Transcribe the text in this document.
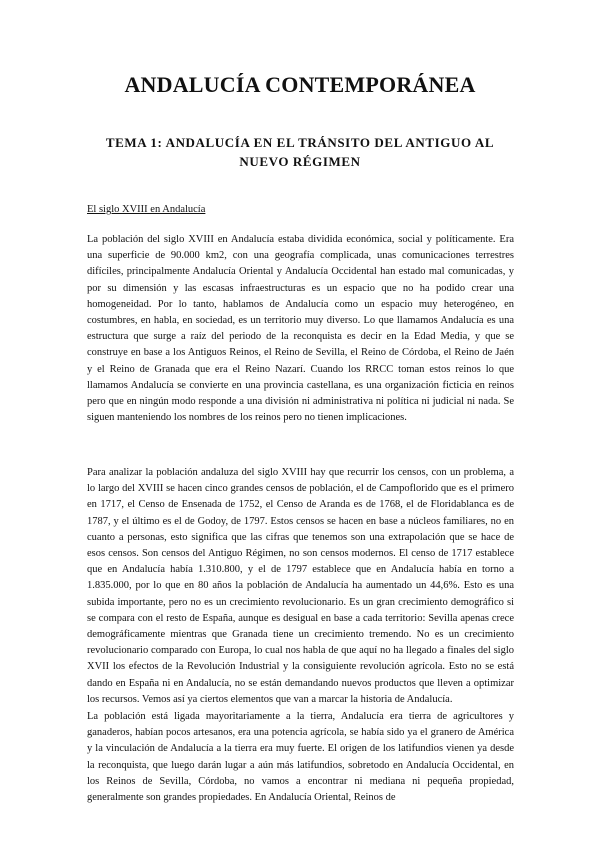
ANDALUCÍA CONTEMPORÁNEA
TEMA 1: ANDALUCÍA EN EL TRÁNSITO DEL ANTIGUO AL NUEVO RÉGIMEN

El siglo XVIII en Andalucía

La población del siglo XVIII en Andalucía estaba dividida económica, social y políticamente. Era una superficie de 90.000 km2, con una geografía complicada, unas comunicaciones terrestres difíciles, principalmente Andalucía Oriental y Andalucía Occidental han estado mal comunicadas, y por su dimensión y las escasas infraestructuras es un espacio que no ha podido crear una homogeneidad. Por lo tanto, hablamos de Andalucía como un espacio muy heterogéneo, en costumbres, en habla, en sociedad, es un territorio muy diverso. Lo que llamamos Andalucía es una estructura que surge a raíz del periodo de la reconquista es decir en la Edad Media, y que se construye en base a los Antiguos Reinos, el Reino de Sevilla, el Reino de Córdoba, el Reino de Jaén y el Reino de Granada que era el Reino Nazarí. Cuando los RRCC toman estos reinos lo que llamamos Andalucía se convierte en una provincia castellana, es una organización ficticia en reinos pero que en ningún modo responde a una división ni administrativa ni política ni judicial ni nada. Se siguen manteniendo los nombres de los reinos pero no tienen implicaciones.

Para analizar la población andaluza del siglo XVIII hay que recurrir los censos, con un problema, a lo largo del XVIII se hacen cinco grandes censos de población, el de Campoflorido que es el primero en 1717, el Censo de Ensenada de 1752, el Censo de Aranda es de 1768, el de Floridablanca es de 1787, y el último es el de Godoy, de 1797. Estos censos se hacen en base a núcleos familiares, no en cuanto a personas, esto significa que las cifras que tenemos son una extrapolación que se hace de esos censos. Son censos del Antiguo Régimen, no son censos modernos. El censo de 1717 establece que en Andalucía había 1.310.800, y el de 1797 establece que en Andalucía había en torno a 1.835.000, por lo que en 80 años la población de Andalucía ha aumentado un 44,6%. Esto es una subida importante, pero no es un crecimiento revolucionario. Es un gran crecimiento demográfico si se compara con el resto de España, aunque es desigual en base a cada territorio: Sevilla apenas crece demográficamente mientras que Granada tiene un crecimiento tremendo. No es un crecimiento revolucionario comparado con Europa, lo cual nos habla de que aquí no ha llegado a finales del siglo XVII los efectos de la Revolución Industrial y la consiguiente revolución agrícola. Esto no se está dando en España ni en Andalucía, no se están demandando nuevos productos que lleven a optimizar los recursos. Vemos así ya ciertos elementos que van a marcar la historia de Andalucía.

La población está ligada mayoritariamente a la tierra, Andalucía era tierra de agricultores y ganaderos, habían pocos artesanos, era una potencia agrícola, se había sido ya el granero de América y la vinculación de Andalucía a la tierra era muy fuerte. El origen de los latifundios vienen ya desde la reconquista, que luego darán lugar a aún más latifundios, sobretodo en Andalucía Occidental, en los Reinos de Sevilla, Córdoba, no vamos a encontrar ni mediana ni pequeña propiedad, generalmente son grandes propiedades. En Andalucía Oriental, Reinos de
